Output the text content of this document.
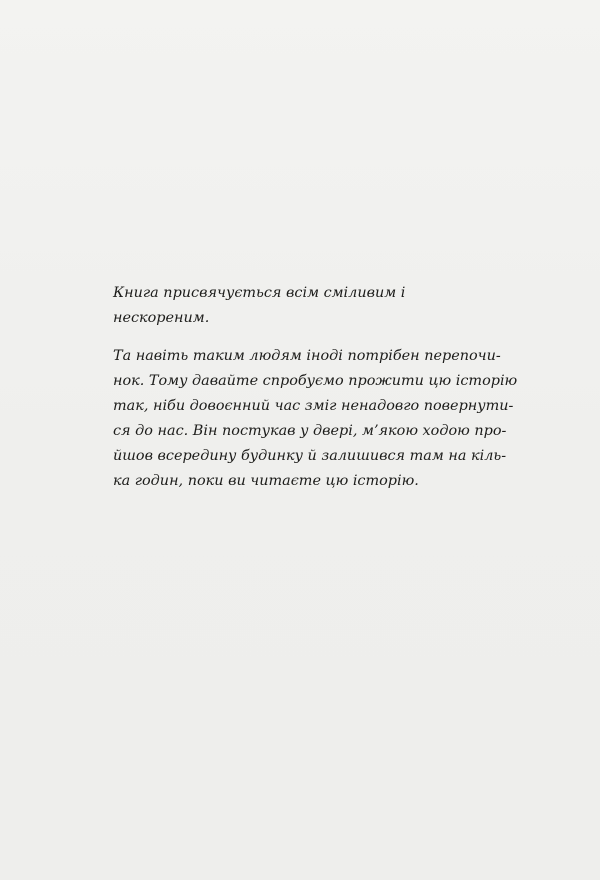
Книга присвячується всім сміливим і нескореним.

Та навіть таким людям іноді потрібен перепочи-
нок. Тому давайте спробуємо прожити цю історію
так, ніби довоєнний час зміг ненадовго повернути-
ся до нас. Він постукав у двері, м’якою ходою про-
йшов всередину будинку й залишився там на кіль-
ка годин, поки ви читаєте цю історію.
